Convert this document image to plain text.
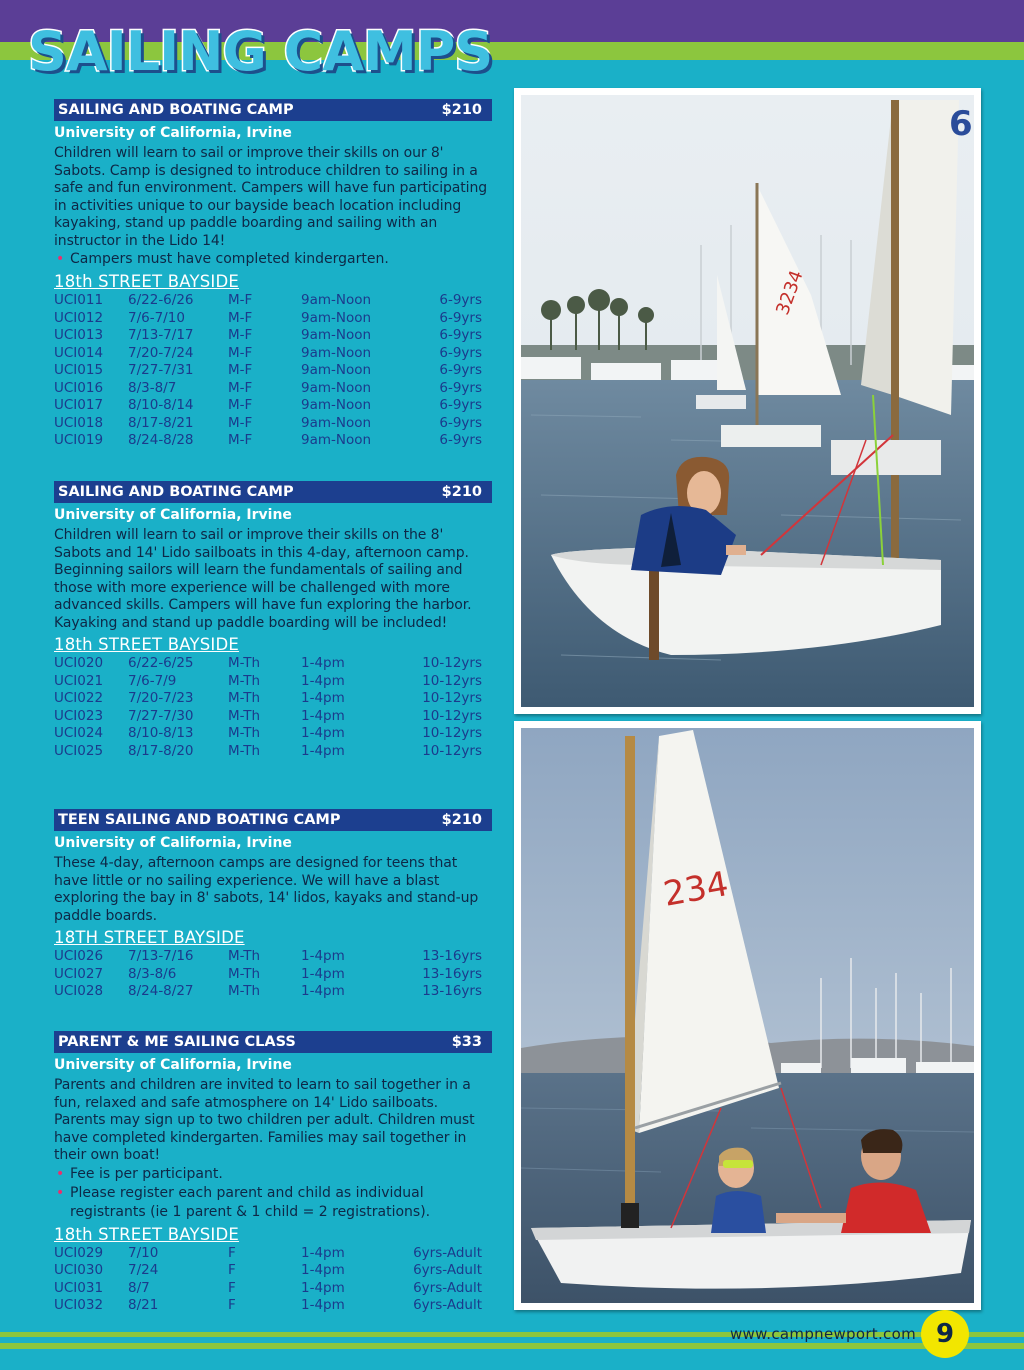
SAILING CAMPS
SAILING AND BOATING CAMP	$210
University of California, Irvine
Children will learn to sail or improve their skills on our 8' Sabots. Camp is designed to introduce children to sailing in a safe and fun environment. Campers will have fun participating in activities unique to our bayside beach location including kayaking, stand up paddle boarding and sailing with an instructor in the Lido 14!
• Campers must have completed kindergarten.
18th STREET BAYSIDE
UCI011 6/22-6/26	M-F	9am-Noon	6-9yrs
UCI012 7/6-7/10	M-F	9am-Noon	6-9yrs
UCI013 7/13-7/17	M-F	9am-Noon	6-9yrs
UCI014 7/20-7/24	M-F	9am-Noon	6-9yrs
UCI015 7/27-7/31	M-F	9am-Noon	6-9yrs
UCI016 8/3-8/7	M-F	9am-Noon	6-9yrs
UCI017 8/10-8/14	M-F	9am-Noon	6-9yrs
UCI018 8/17-8/21	M-F	9am-Noon	6-9yrs
UCI019 8/24-8/28	M-F	9am-Noon	6-9yrs
SAILING AND BOATING CAMP	$210
University of California, Irvine
Children will learn to sail or improve their skills on the 8' Sabots and 14' Lido sailboats in this 4-day, afternoon camp. Beginning sailors will learn the fundamentals of sailing and those with more experience will be challenged with more advanced skills. Campers will have fun exploring the harbor. Kayaking and stand up paddle boarding will be included!
18th STREET BAYSIDE
UCI020 6/22-6/25	M-Th	1-4pm	10-12yrs
UCI021 7/6-7/9	M-Th	1-4pm	10-12yrs
UCI022 7/20-7/23	M-Th	1-4pm	10-12yrs
UCI023 7/27-7/30	M-Th	1-4pm	10-12yrs
UCI024 8/10-8/13	M-Th	1-4pm	10-12yrs
UCI025 8/17-8/20	M-Th	1-4pm	10-12yrs
TEEN SAILING AND BOATING CAMP	$210
University of California, Irvine
These 4-day, afternoon camps are designed for teens that have little or no sailing experience. We will have a blast exploring the bay in 8' sabots, 14' lidos, kayaks and stand-up paddle boards.
18TH STREET BAYSIDE
UCI026 7/13-7/16	M-Th	1-4pm	13-16yrs
UCI027 8/3-8/6	M-Th	1-4pm	13-16yrs
UCI028 8/24-8/27	M-Th	1-4pm	13-16yrs
PARENT & ME SAILING CLASS	$33
University of California, Irvine
Parents and children are invited to learn to sail together in a fun, relaxed and safe atmosphere on 14' Lido sailboats. Parents may sign up to two children per adult. Children must have completed kindergarten. Families may sail together in their own boat!
• Fee is per participant.
• Please register each parent and child as individual registrants (ie 1 parent & 1 child = 2 registrations).
18th STREET BAYSIDE
UCI029 7/10	F	1-4pm	6yrs-Adult
UCI030 7/24	F	1-4pm	6yrs-Adult
UCI031 8/7	F	1-4pm	6yrs-Adult
UCI032 8/21	F	1-4pm	6yrs-Adult
3234
6
234
www.campnewport.com 9
